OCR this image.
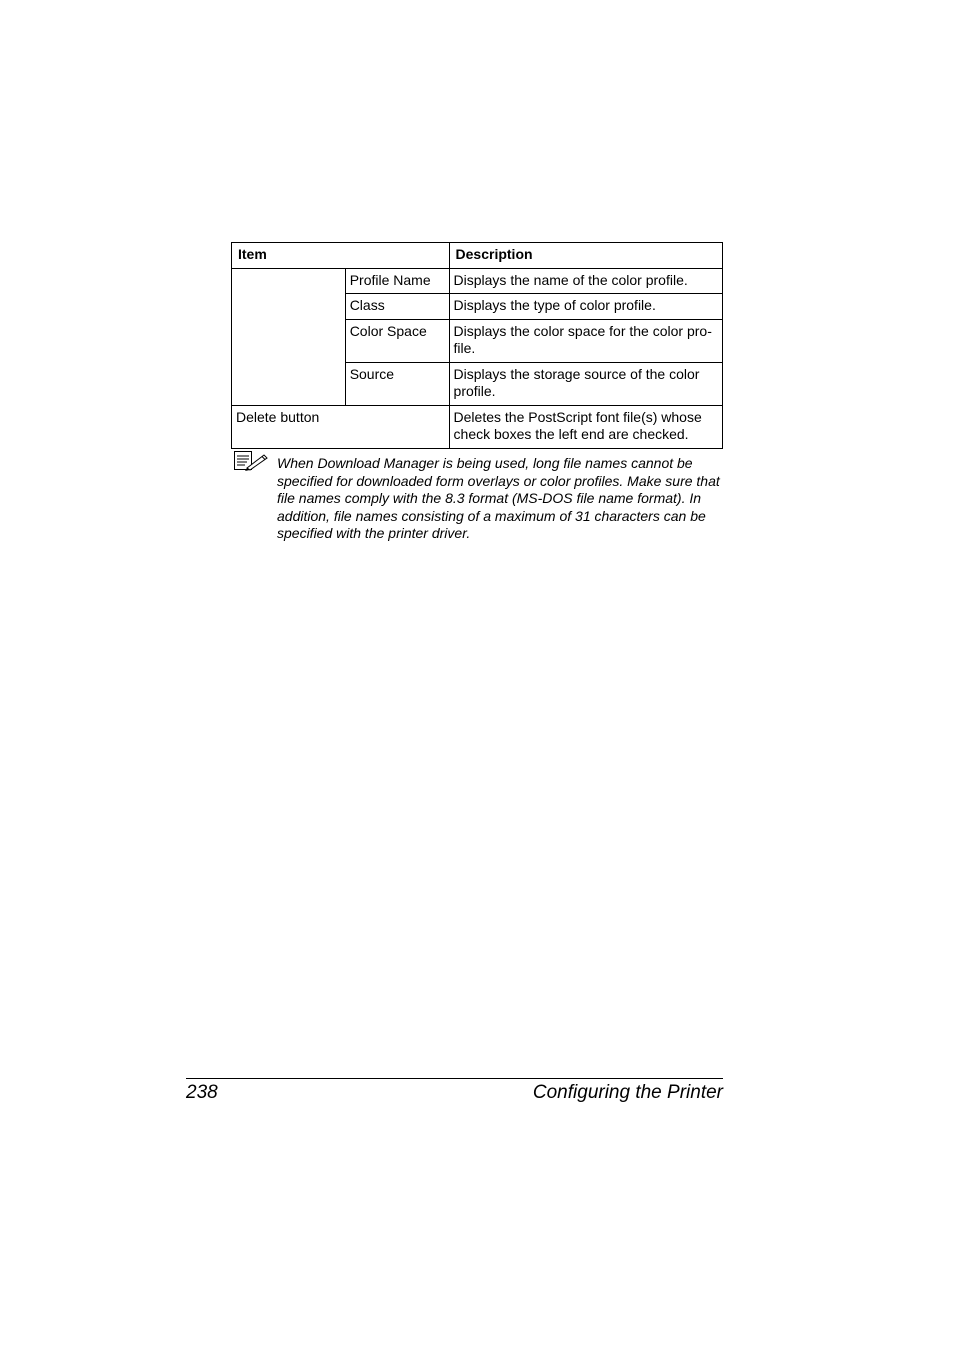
Item		Description
	Profile Name	Displays the name of the color profile.
	Class	Displays the type of color profile.
	Color Space	Displays the color space for the color pro-file.
	Source	Displays the storage source of the color profile.
Delete button		Deletes the PostScript font file(s) whose check boxes the left end are checked.
When Download Manager is being used, long file names cannot be specified for downloaded form overlays or color profiles. Make sure that file names comply with the 8.3 format (MS-DOS file name format). In addition, file names consisting of a maximum of 31 characters can be specified with the printer driver.
238	Configuring the Printer
